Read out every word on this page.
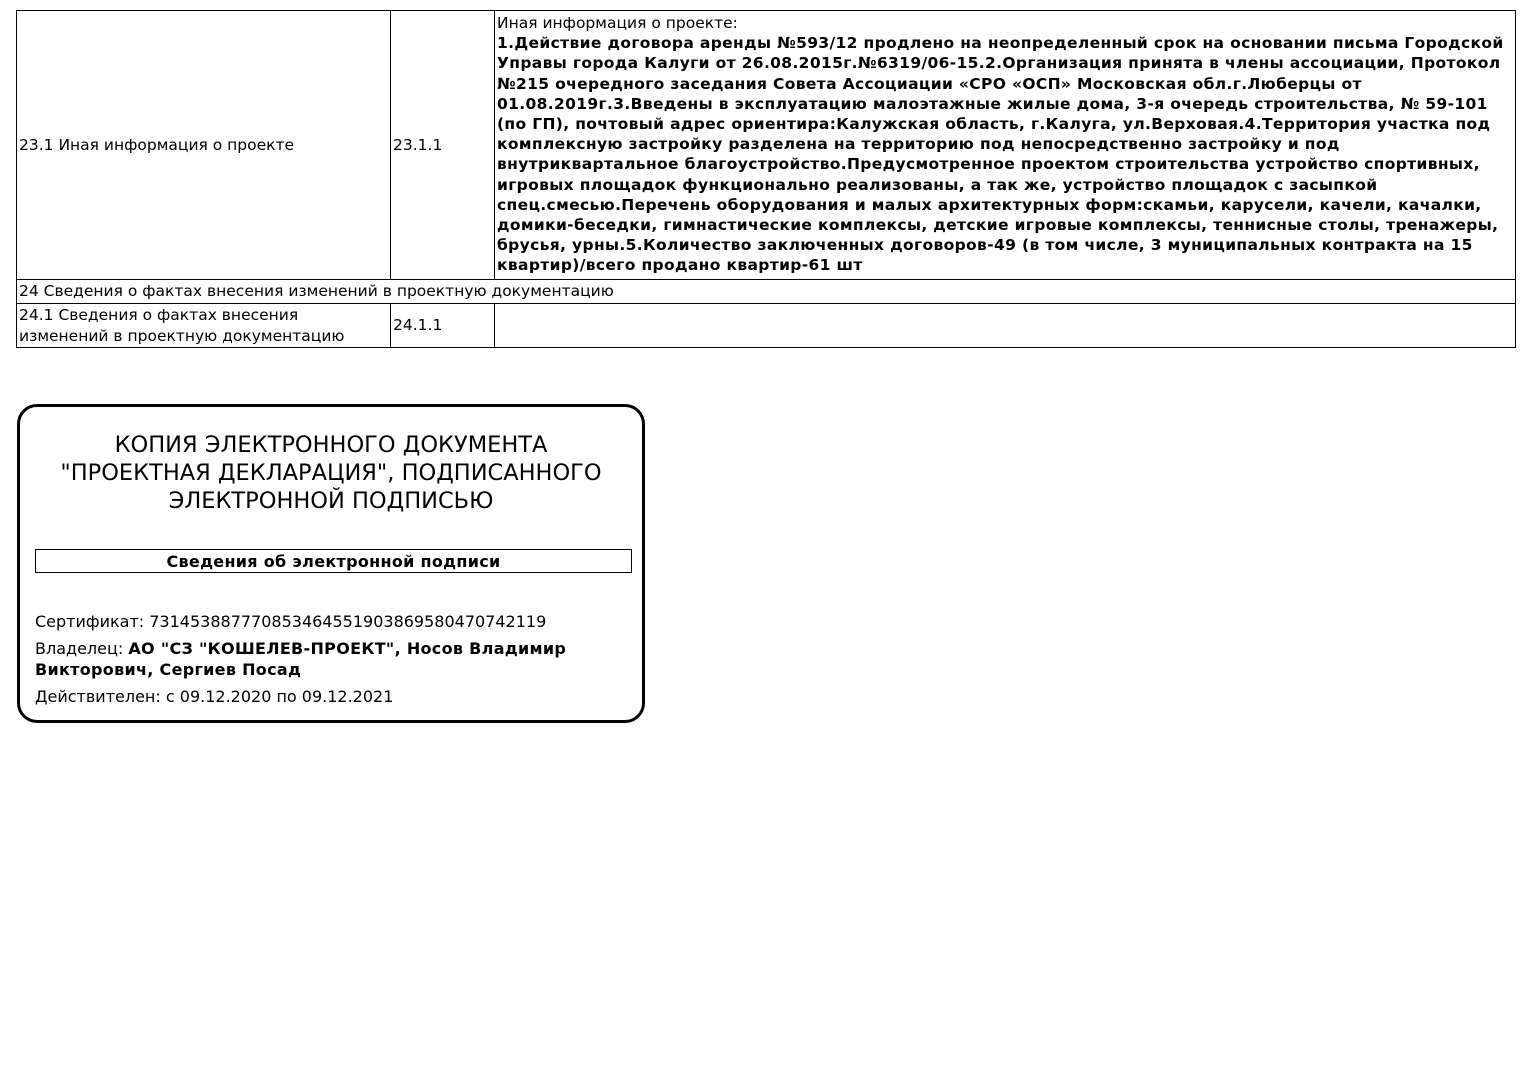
23.1 Иная информация о проекте	23.1.1	Иная информация о проекте:
1.Действие договора аренды №593/12 продлено на неопределенный срок на основании письма Городской Управы города Калуги от 26.08.2015г.№6319/06-15.2.Организация принята в члены ассоциации, Протокол №215 очередного заседания Совета Ассоциации «СРО «ОСП» Московская обл.г.Люберцы от 01.08.2019г.3.Введены в эксплуатацию малоэтажные жилые дома, 3-я очередь строительства, № 59-101 (по ГП), почтовый адрес ориентира:Калужская область, г.Калуга, ул.Верховая.4.Территория участка под комплексную застройку разделена на территорию под непосредственно застройку и под внутриквартальное благоустройство.Предусмотренное проектом строительства устройство спортивных, игровых площадок функционально реализованы, а так же, устройство площадок с засыпкой спец.смесью.Перечень оборудования и малых архитектурных форм:скамьи, карусели, качели, качалки, домики-беседки, гимнастические комплексы, детские игровые комплексы, теннисные столы, тренажеры, брусья, урны.5.Количество заключенных договоров-49 (в том числе, 3 муниципальных контракта на 15 квартир)/всего продано квартир-61 шт

24 Сведения о фактах внесения изменений в проектную документацию		
24.1 Сведения о фактах внесения изменений в проектную документацию	24.1.1	
КОПИЯ ЭЛЕКТРОННОГО ДОКУМЕНТА "ПРОЕКТНАЯ ДЕКЛАРАЦИЯ", ПОДПИСАННОГО ЭЛЕКТРОННОЙ ПОДПИСЬЮ
Сведения об электронной подписи
Сертификат: 73145388777085346455190386958047074211​9
Владелец: АО "СЗ "КОШЕЛЕВ-ПРОЕКТ", Носов Владимир Викторович, Сергиев Посад
Действителен: с 09.12.2020 по 09.12.2021
